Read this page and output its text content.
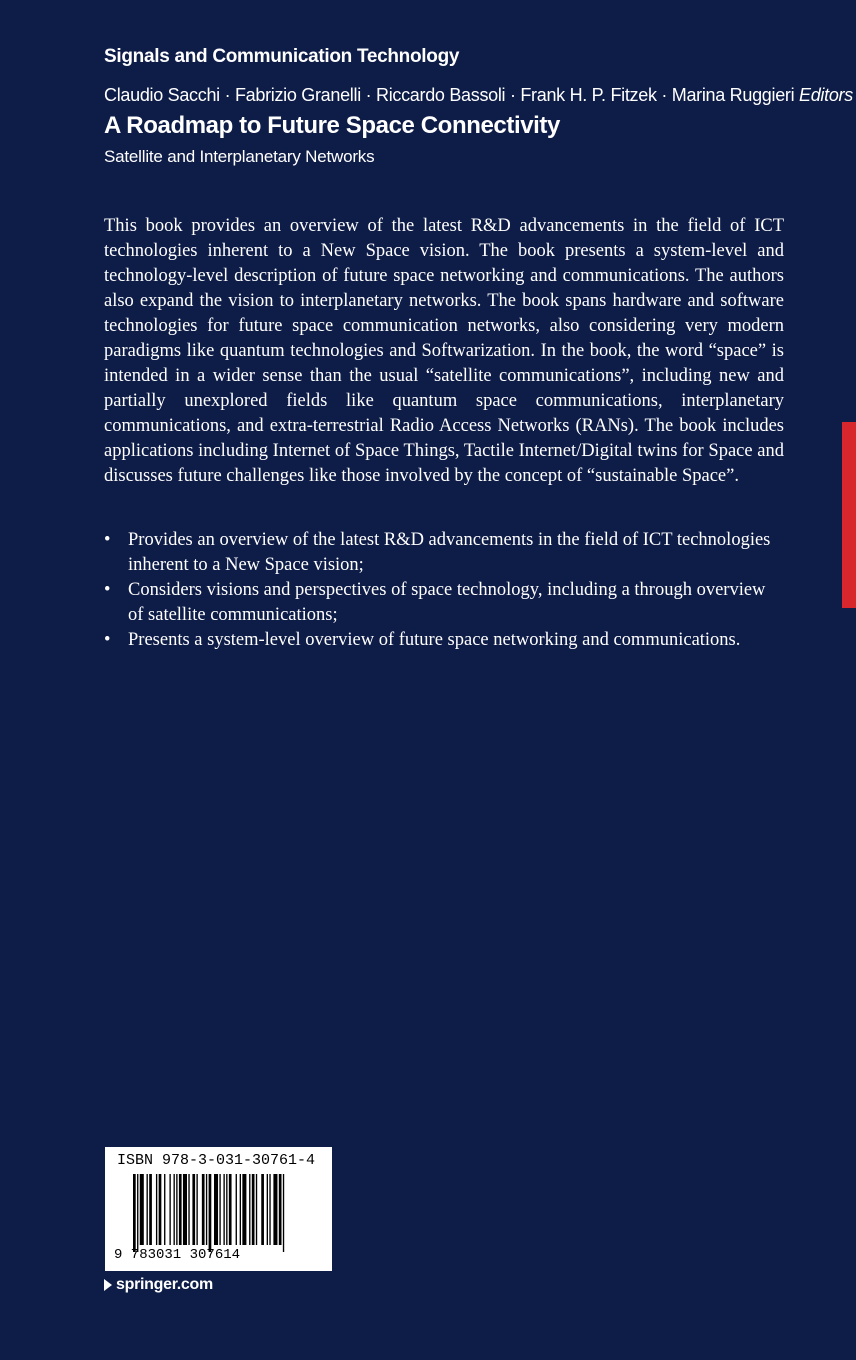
Signals and Communication Technology
Claudio Sacchi · Fabrizio Granelli · Riccardo Bassoli · Frank H. P. Fitzek · Marina Ruggieri Editors
A Roadmap to Future Space Connectivity
Satellite and Interplanetary Networks

This book provides an overview of the latest R&D advancements in the field of ICT technologies inherent to a New Space vision. The book presents a system-level and technology-level description of future space networking and communications. The authors also expand the vision to interplanetary networks. The book spans hardware and software technologies for future space communication networks, also considering very modern paradigms like quantum technologies and Softwarization. In the book, the word “space” is intended in a wider sense than the usual “satellite communications”, including new and partially unexplored fields like quantum space communications, interplanetary communications, and extra-terrestrial Radio Access Networks (RANs). The book includes applications including Internet of Space Things, Tactile Internet/Digital twins for Space and discusses future challenges like those involved by the concept of “sustainable Space”.

• Provides an overview of the latest R&D advancements in the field of ICT technologies inherent to a New Space vision;
• Considers visions and perspectives of space technology, including a through overview of satellite communications;
• Presents a system-level overview of future space networking and communications.
ISBN 978-3-031-30761-4
9 783031 307614
springer.com
